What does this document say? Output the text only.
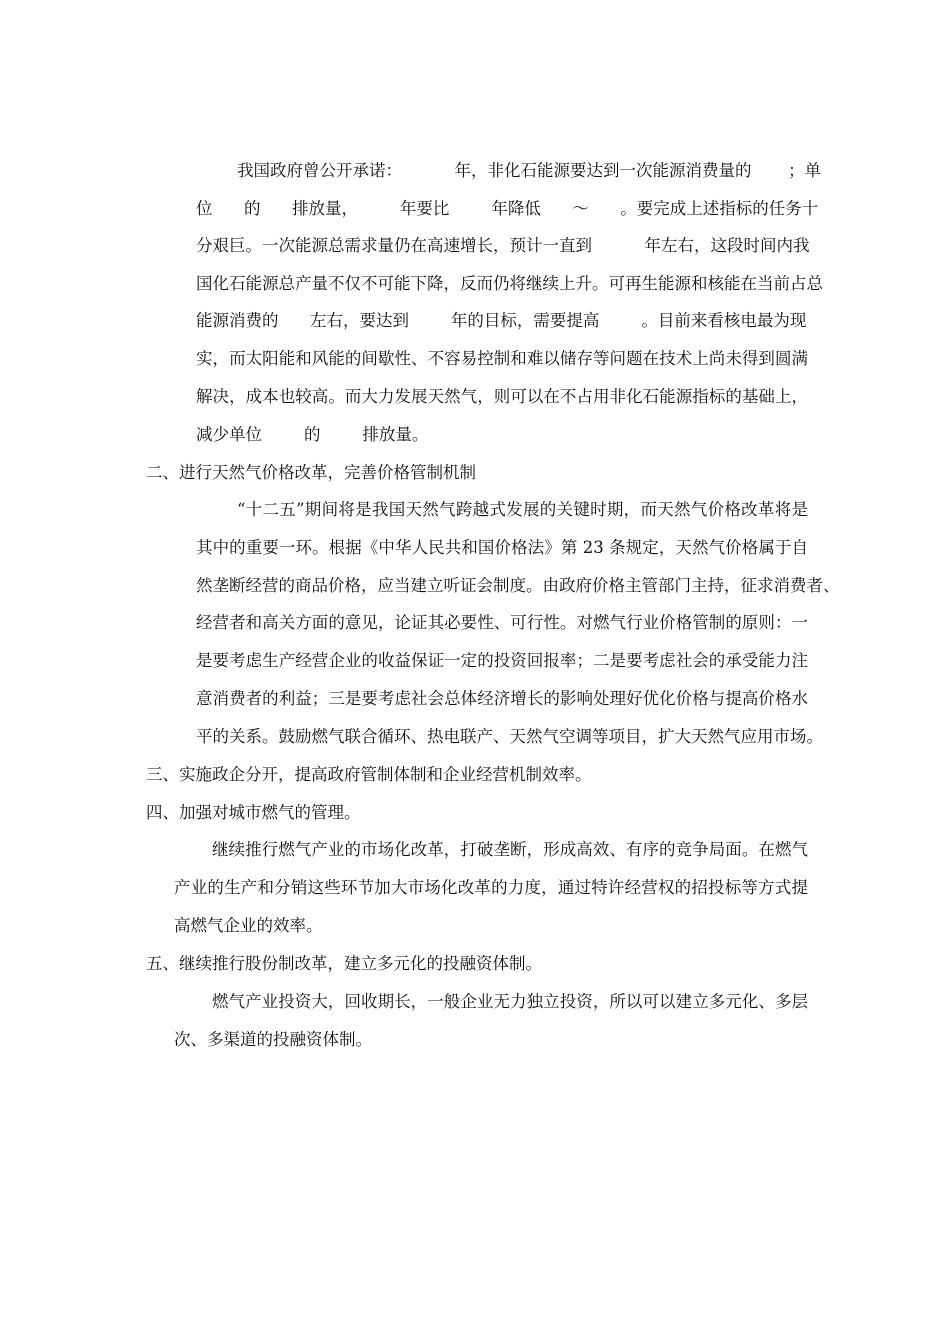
我国政府曾公开承诺：          年，非化石能源要达到一次能源消费量的       ；单
位      的      排放量，        年要比        年降低      ～      。要完成上述指标的任务十
分艰巨。一次能源总需求量仍在高速增长，预计一直到          年左右，这段时间内我
国化石能源总产量不仅不可能下降，反而仍将继续上升。可再生能源和核能在当前占总
能源消费的      左右，要达到        年的目标，需要提高        。目前来看核电最为现
实，而太阳能和风能的间歇性、不容易控制和难以储存等问题在技术上尚未得到圆满
解决，成本也较高。而大力发展天然气，则可以在不占用非化石能源指标的基础上，
减少单位        的        排放量。
二、进行天然气价格改革，完善价格管制机制
“十二五”期间将是我国天然气跨越式发展的关键时期，而天然气价格改革将是
其中的重要一环。根据《中华人民共和国价格法》第 23 条规定，天然气价格属于自
然垄断经营的商品价格，应当建立听证会制度。由政府价格主管部门主持，征求消费者、
经营者和高关方面的意见，论证其必要性、可行性。对燃气行业价格管制的原则：一
是要考虑生产经营企业的收益保证一定的投资回报率；二是要考虑社会的承受能力注
意消费者的利益；三是要考虑社会总体经济增长的影响处理好优化价格与提高价格水
平的关系。鼓励燃气联合循环、热电联产、天然气空调等项目，扩大天然气应用市场。
三、实施政企分开，提高政府管制体制和企业经营机制效率。
四、加强对城市燃气的管理。
继续推行燃气产业的市场化改革，打破垄断，形成高效、有序的竞争局面。在燃气
产业的生产和分销这些环节加大市场化改革的力度，通过特许经营权的招投标等方式提
高燃气企业的效率。
五、继续推行股份制改革，建立多元化的投融资体制。
燃气产业投资大，回收期长，一般企业无力独立投资，所以可以建立多元化、多层
次、多渠道的投融资体制。
